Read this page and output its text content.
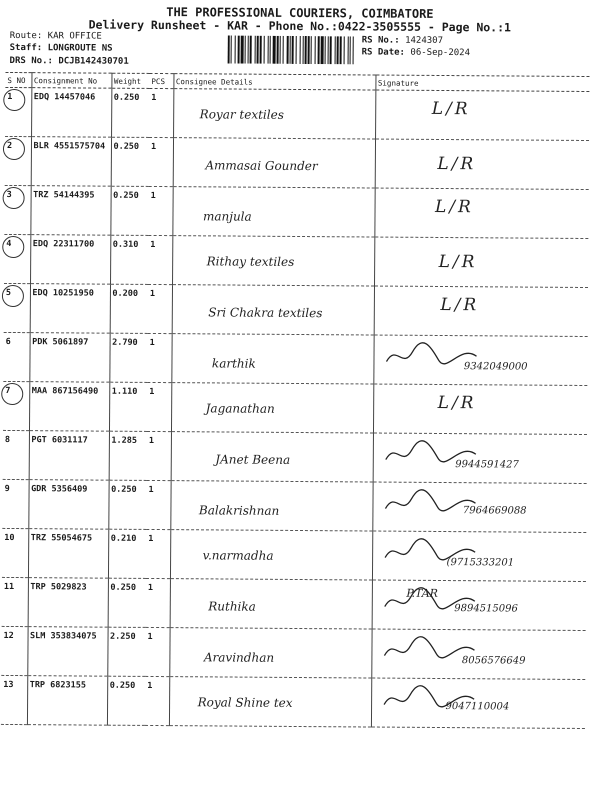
THE PROFESSIONAL COURIERS, COIMBATORE
Delivery Runsheet - KAR - Phone No.:0422-3505555 - Page No.:1
Route: KAR OFFICE
Staff: LONGROUTE NS
DRS No.: DCJB142430701
RS No.: 1424307
RS Date: 06-Sep-2024
S NO	Consignment No	Weight	PCS	Consignee Details	Signature

1	EDQ 14457046	0.250	1	Royar textiles	L/R

2	BLR 4551575704	0.250	1	Ammasai Gounder	L/R

3	TRZ 54144395	0.250	1	manjula	L/R

4	EDQ 22311700	0.310	1	Rithay textiles	L/R

5	EDQ 10251950	0.200	1	Sri Chakra textiles	L/R

6	PDK 5061897	2.790	1	karthik	9342049000

7	MAA 867156490	1.110	1	Jaganathan	L/R

8	PGT 6031117	1.285	1	JAnet Beena	9944591427

9	GDR 5356409	0.250	1	Balakrishnan	7964669088

10	TRZ 55054675	0.210	1	v.narmadha	(9715333201

11	TRP 5029823	0.250	1	Ruthika	P.TAR
9894515096

12	SLM 353834075	2.250	1	Aravindhan	8056576649

13	TRP 6823155	0.250	1	Royal Shine tex	9047110004
